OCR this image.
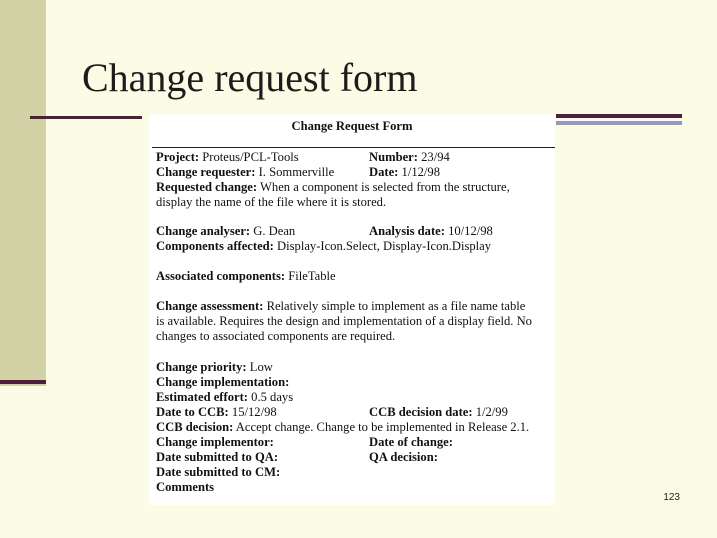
Change request form
Change Request Form
Project: Proteus/PCL-Tools	Number: 23/94
Change requester: I. Sommerville	Date: 1/12/98
Requested change: When a component is selected from the structure,
display the name of the file where it is stored.
Change analyser: G. Dean	Analysis date: 10/12/98
Components affected: Display-Icon.Select, Display-Icon.Display
Associated components: FileTable
Change assessment: Relatively simple to implement as a file name table
is available. Requires the design and implementation of a display field. No
changes to associated components are required.
Change priority: Low
Change implementation:
Estimated effort: 0.5 days
Date to CCB: 15/12/98	CCB decision date: 1/2/99
CCB decision: Accept change. Change to be implemented in Release 2.1.
Change implementor:	Date of change:
Date submitted to QA:	QA decision:
Date submitted to CM:
Comments
123
